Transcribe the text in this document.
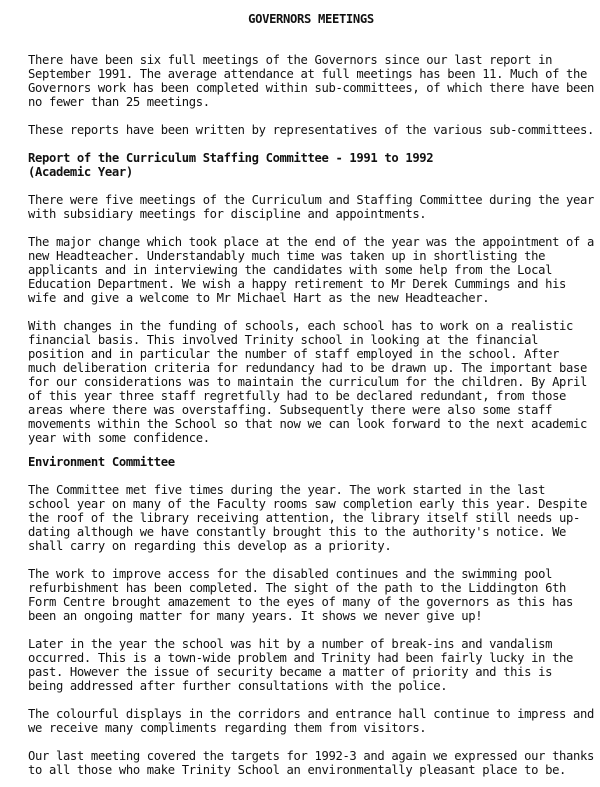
GOVERNORS MEETINGS

There have been six full meetings of the Governors since our last report in
September 1991. The average attendance at full meetings has been 11. Much of the
Governors work has been completed within sub-committees, of which there have been
no fewer than 25 meetings.

These reports have been written by representatives of the various sub-committees.

Report of the Curriculum Staffing Committee - 1991 to 1992
(Academic Year)

There were five meetings of the Curriculum and Staffing Committee during the year
with subsidiary meetings for discipline and appointments.

The major change which took place at the end of the year was the appointment of a
new Headteacher. Understandably much time was taken up in shortlisting the
applicants and in interviewing the candidates with some help from the Local
Education Department. We wish a happy retirement to Mr Derek Cummings and his
wife and give a welcome to Mr Michael Hart as the new Headteacher.

With changes in the funding of schools, each school has to work on a realistic
financial basis. This involved Trinity school in looking at the financial
position and in particular the number of staff employed in the school. After
much deliberation criteria for redundancy had to be drawn up. The important base
for our considerations was to maintain the curriculum for the children. By April
of this year three staff regretfully had to be declared redundant, from those
areas where there was overstaffing. Subsequently there were also some staff
movements within the School so that now we can look forward to the next academic
year with some confidence.

Environment Committee

The Committee met five times during the year. The work started in the last
school year on many of the Faculty rooms saw completion early this year. Despite
the roof of the library receiving attention, the library itself still needs up-
dating although we have constantly brought this to the authority's notice. We
shall carry on regarding this develop as a priority.

The work to improve access for the disabled continues and the swimming pool
refurbishment has been completed. The sight of the path to the Liddington 6th
Form Centre brought amazement to the eyes of many of the governors as this has
been an ongoing matter for many years. It shows we never give up!

Later in the year the school was hit by a number of break-ins and vandalism
occurred. This is a town-wide problem and Trinity had been fairly lucky in the
past. However the issue of security became a matter of priority and this is
being addressed after further consultations with the police.

The colourful displays in the corridors and entrance hall continue to impress and
we receive many compliments regarding them from visitors.

Our last meeting covered the targets for 1992-3 and again we expressed our thanks
to all those who make Trinity School an environmentally pleasant place to be.
